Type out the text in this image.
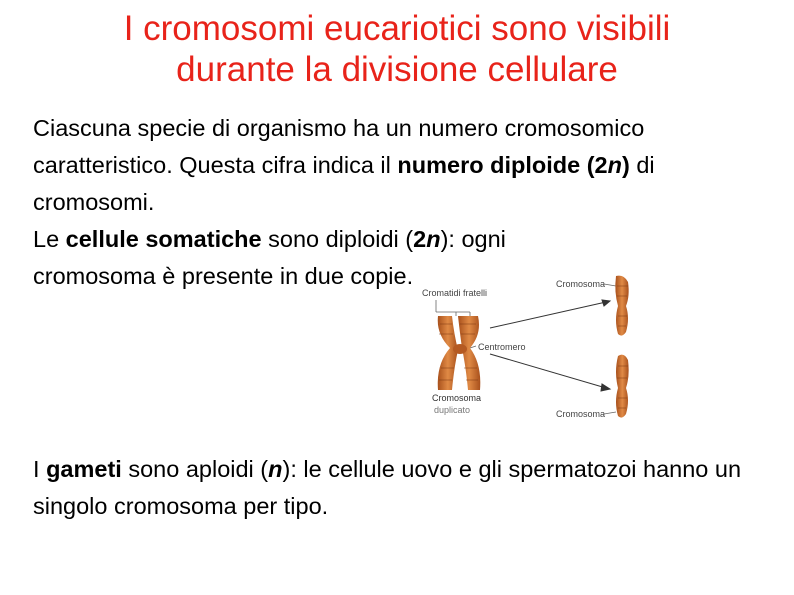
I cromosomi eucariotici sono visibili
durante la divisione cellulare

Ciascuna specie di organismo ha un numero cromosomico caratteristico. Questa cifra indica il numero diploide (2n) di cromosomi.

Le cellule somatiche sono diploidi (2n): ogni cromosoma è presente in due copie.

Cromatidi fratelli
Cromosoma
Centromero
Cromosoma
duplicato	Cromosoma

I gameti sono aploidi (n): le cellule uovo e gli spermatozoi hanno un singolo cromosoma per tipo.
